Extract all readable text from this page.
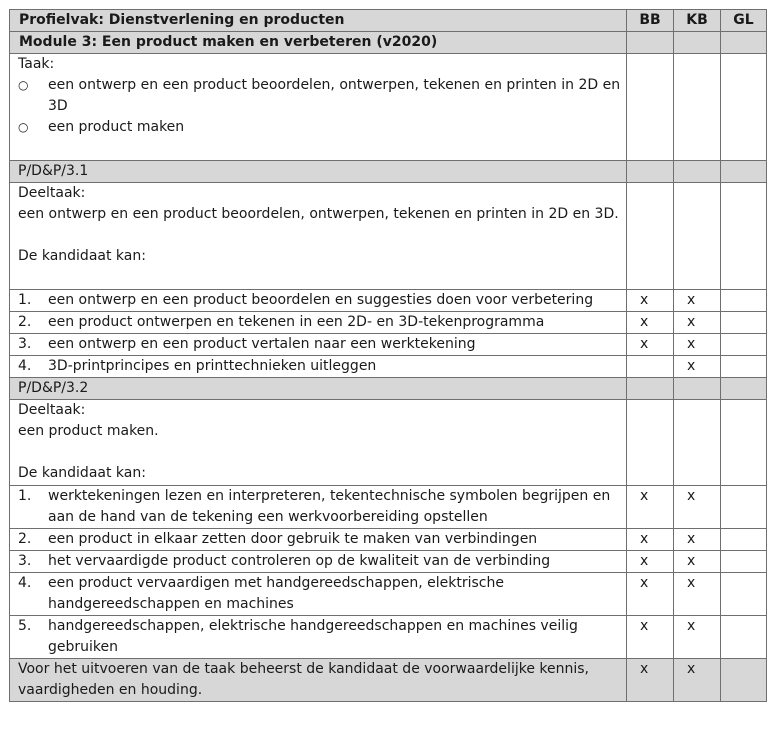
Profielvak: Dienstverlening en producten	BB	KB	GL
Module 3: Een product maken en verbeteren (v2020)			

Taak:
○ een ontwerp en een product beoordelen, ontwerpen, tekenen en printen in 2D en 3D
○ een product maken			

P/D&P/3.1			

Deeltaak:
een ontwerp en een product beoordelen, ontwerpen, tekenen en printen in 2D en 3D.
De kandidaat kan:			

1. een ontwerp en een product beoordelen en suggesties doen voor verbetering	x	x	

2. een product ontwerpen en tekenen in een 2D- en 3D-tekenprogramma	x	x	

3. een ontwerp en een product vertalen naar een werktekening	x	x	

4. 3D-printprincipes en printtechnieken uitleggen		x	
P/D&P/3.2			

Deeltaak:
een product maken.
De kandidaat kan:			

1. werktekeningen lezen en interpreteren, tekentechnische symbolen begrijpen en aan de hand van de tekening een werkvoorbereiding opstellen	x	x	

2. een product in elkaar zetten door gebruik te maken van verbindingen	x	x	

3. het vervaardigde product controleren op de kwaliteit van de verbinding	x	x	

4. een product vervaardigen met handgereedschappen, elektrische handgereedschappen en machines	x	x	

5. handgereedschappen, elektrische handgereedschappen en machines veilig gebruiken	x	x	
Voor het uitvoeren van de taak beheerst de kandidaat de voorwaardelijke kennis, vaardigheden en houding.	x	x	
